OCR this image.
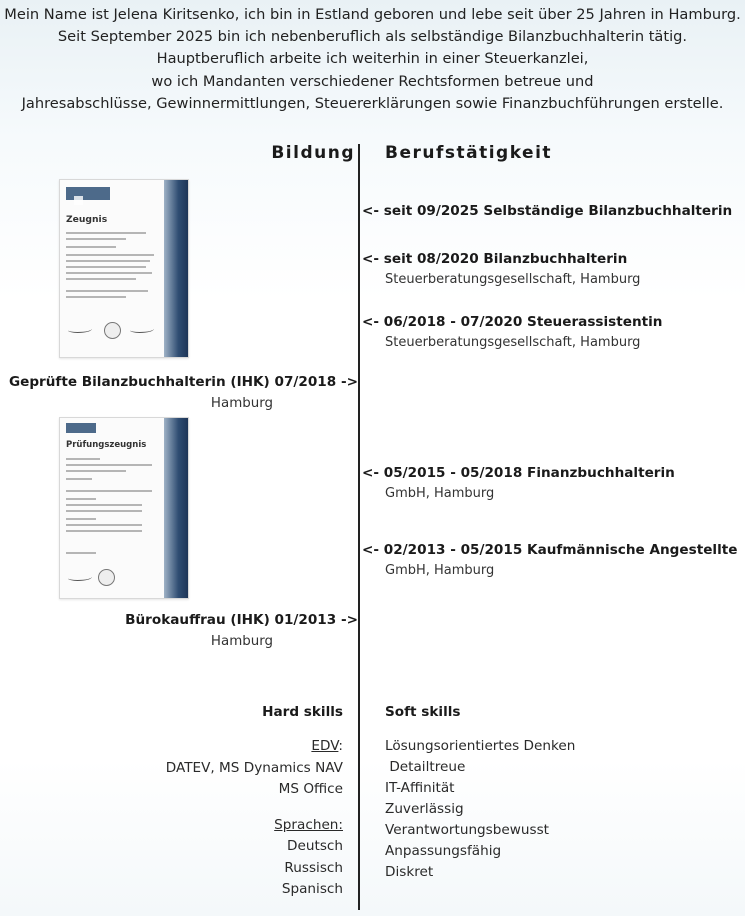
Mein Name ist Jelena Kiritsenko, ich bin in Estland geboren und lebe seit über 25 Jahren in Hamburg.
Seit September 2025 bin ich nebenberuflich als selbständige Bilanzbuchhalterin tätig.
Hauptberuflich arbeite ich weiterhin in einer Steuerkanzlei,
wo ich Mandanten verschiedener Rechtsformen betreue und
Jahresabschlüsse, Gewinnermittlungen, Steuererklärungen sowie Finanzbuchführungen erstelle.
Bildung Berufstätigkeit
Zeugnis
Geprüfte Bilanzbuchhalterin (IHK) 07/2018 ->
Hamburg
Prüfungszeugnis
Bürokauffrau (IHK) 01/2013 ->
Hamburg
<- seit 09/2025 Selbständige Bilanzbuchhalterin
<- seit 08/2020 Bilanzbuchhalterin
Steuerberatungsgesellschaft, Hamburg
<- 06/2018 - 07/2020 Steuerassistentin
Steuerberatungsgesellschaft, Hamburg
<- 05/2015 - 05/2018 Finanzbuchhalterin
GmbH, Hamburg
<- 02/2013 - 05/2015 Kaufmännische Angestellte
GmbH, Hamburg
Hard skills	Soft skills
EDV:
DATEV, MS Dynamics NAV
MS Office
Sprachen:
Deutsch
Russisch
Spanisch
Lösungsorientiertes Denken
Detailtreue
IT-Affinität
Zuverlässig
Verantwortungsbewusst
Anpassungsfähig
Diskret
